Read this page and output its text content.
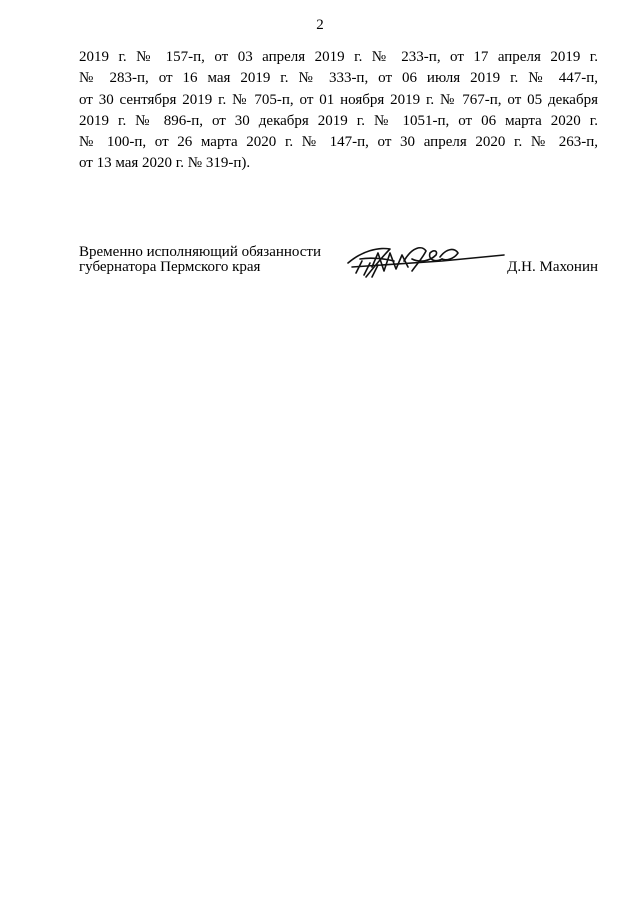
2
2019 г. № 157-п, от 03 апреля 2019 г. № 233-п, от 17 апреля 2019 г.
№ 283-п, от 16 мая 2019 г. № 333-п, от 06 июля 2019 г. № 447-п,
от 30 сентября 2019 г. № 705-п, от 01 ноября 2019 г. № 767-п, от 05 декабря
2019 г. № 896-п, от 30 декабря 2019 г. № 1051-п, от 06 марта 2020 г.
№ 100-п, от 26 марта 2020 г. № 147-п, от 30 апреля 2020 г. № 263-п,
от 13 мая 2020 г. № 319-п).
Временно исполняющий обязанности
губернатора Пермского края	Д.Н. Махонин
